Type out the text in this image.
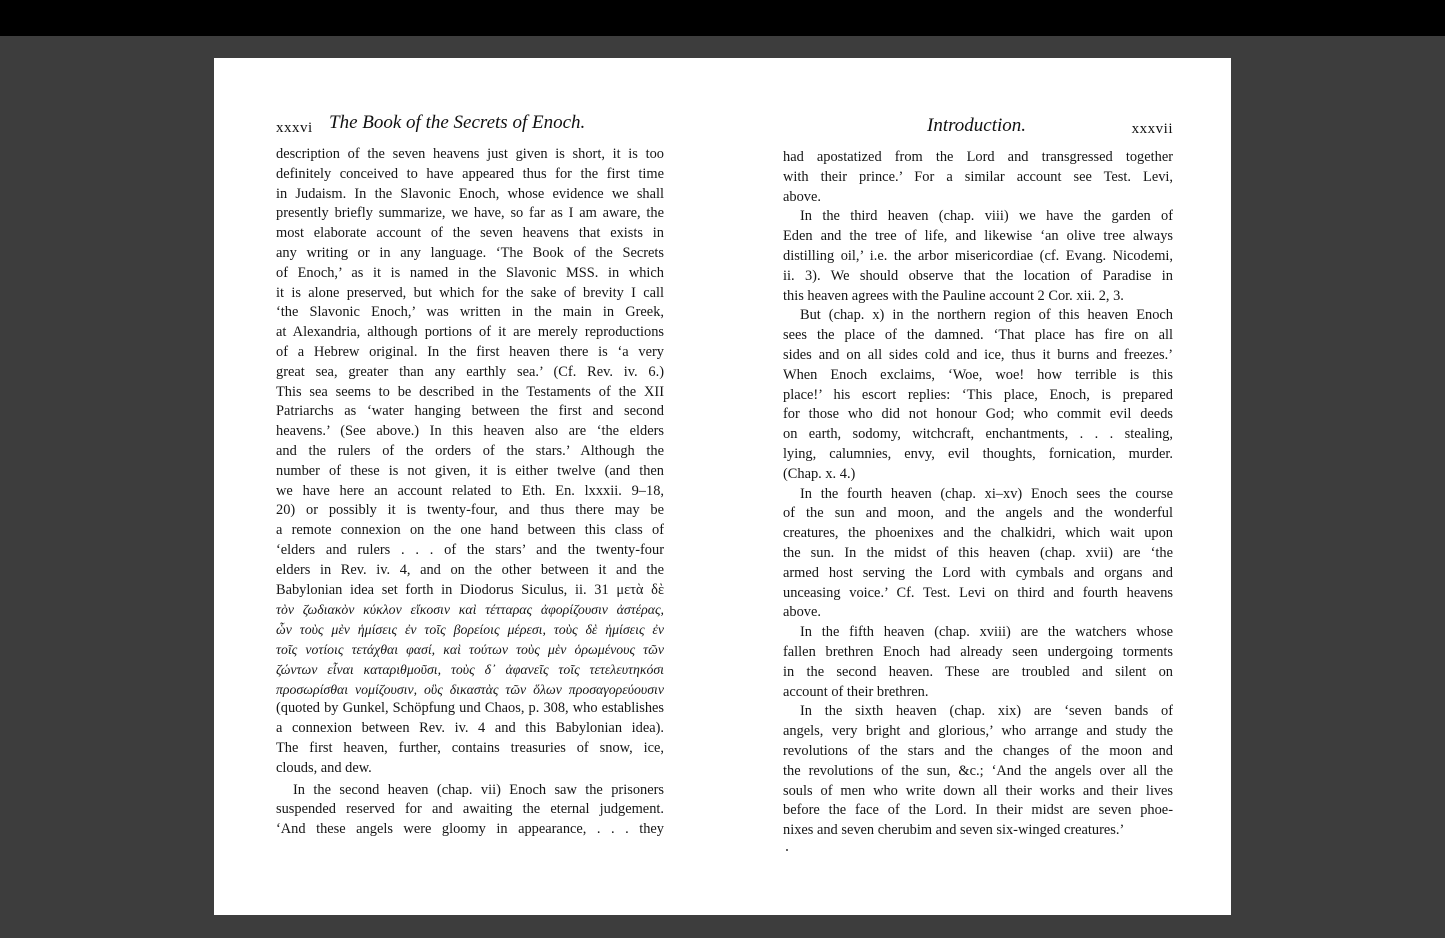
xxxvi The Book of the Secrets of Enoch.
description of the seven heavens just given is short, it is too
definitely conceived to have appeared thus for the first time
in Judaism. In the Slavonic Enoch, whose evidence we shall
presently briefly summarize, we have, so far as I am aware, the
most elaborate account of the seven heavens that exists in
any writing or in any language. ‘The Book of the Secrets
of Enoch,’ as it is named in the Slavonic MSS. in which
it is alone preserved, but which for the sake of brevity I call
‘the Slavonic Enoch,’ was written in the main in Greek,
at Alexandria, although portions of it are merely reproductions
of a Hebrew original. In the first heaven there is ‘a very
great sea, greater than any earthly sea.’ (Cf. Rev. iv. 6.)
This sea seems to be described in the Testaments of the XII
Patriarchs as ‘water hanging between the first and second
heavens.’ (See above.) In this heaven also are ‘the elders
and the rulers of the orders of the stars.’ Although the
number of these is not given, it is either twelve (and then
we have here an account related to Eth. En. lxxxii. 9–18,
20) or possibly it is twenty-four, and thus there may be
a remote connexion on the one hand between this class of
‘elders and rulers . . . of the stars’ and the twenty-four
elders in Rev. iv. 4, and on the other between it and the
Babylonian idea set forth in Diodorus Siculus, ii. 31 μετὰ δὲ
τὸν ζωδιακὸν κύκλον εἴκοσιν καὶ τέτταρας ἀφορίζουσιν ἀστέρας,
ὧν τοὺς μὲν ἡμίσεις ἐν τοῖς βορείοις μέρεσι, τοὺς δὲ ἡμίσεις ἐν
τοῖς νοτίοις τετάχθαι φασί, καὶ τούτων τοὺς μὲν ὁρωμένους τῶν
ζώντων εἶναι καταριθμοῦσι, τοὺς δ᾽ ἀφανεῖς τοῖς τετελευτηκόσι
προσωρίσθαι νομίζουσιν, οὓς δικαστὰς τῶν ὅλων προσαγορεύουσιν
(quoted by Gunkel, Schöpfung und Chaos, p. 308, who establishes
a connexion between Rev. iv. 4 and this Babylonian idea).
The first heaven, further, contains treasuries of snow, ice,
clouds, and dew.
In the second heaven (chap. vii) Enoch saw the prisoners
suspended reserved for and awaiting the eternal judgement.
‘And these angels were gloomy in appearance, . . . they
Introduction.	xxxvii
had apostatized from the Lord and transgressed together
with their prince.’ For a similar account see Test. Levi,
above.
In the third heaven (chap. viii) we have the garden of
Eden and the tree of life, and likewise ‘an olive tree always
distilling oil,’ i.e. the arbor misericordiae (cf. Evang. Nicodemi,
ii. 3). We should observe that the location of Paradise in
this heaven agrees with the Pauline account 2 Cor. xii. 2, 3.
But (chap. x) in the northern region of this heaven Enoch
sees the place of the damned. ‘That place has fire on all
sides and on all sides cold and ice, thus it burns and freezes.’
When Enoch exclaims, ‘Woe, woe! how terrible is this
place!’ his escort replies: ‘This place, Enoch, is prepared
for those who did not honour God; who commit evil deeds
on earth, sodomy, witchcraft, enchantments, . . . stealing,
lying, calumnies, envy, evil thoughts, fornication, murder.
(Chap. x. 4.)
In the fourth heaven (chap. xi–xv) Enoch sees the course
of the sun and moon, and the angels and the wonderful
creatures, the phoenixes and the chalkidri, which wait upon
the sun. In the midst of this heaven (chap. xvii) are ‘the
armed host serving the Lord with cymbals and organs and
unceasing voice.’ Cf. Test. Levi on third and fourth heavens
above.
In the fifth heaven (chap. xviii) are the watchers whose
fallen brethren Enoch had already seen undergoing torments
in the second heaven. These are troubled and silent on
account of their brethren.
In the sixth heaven (chap. xix) are ‘seven bands of
angels, very bright and glorious,’ who arrange and study the
revolutions of the stars and the changes of the moon and
the revolutions of the sun, &c.; ‘And the angels over all the
souls of men who write down all their works and their lives
before the face of the Lord. In their midst are seven phoe-
nixes and seven cherubim and seven six-winged creatures.’
